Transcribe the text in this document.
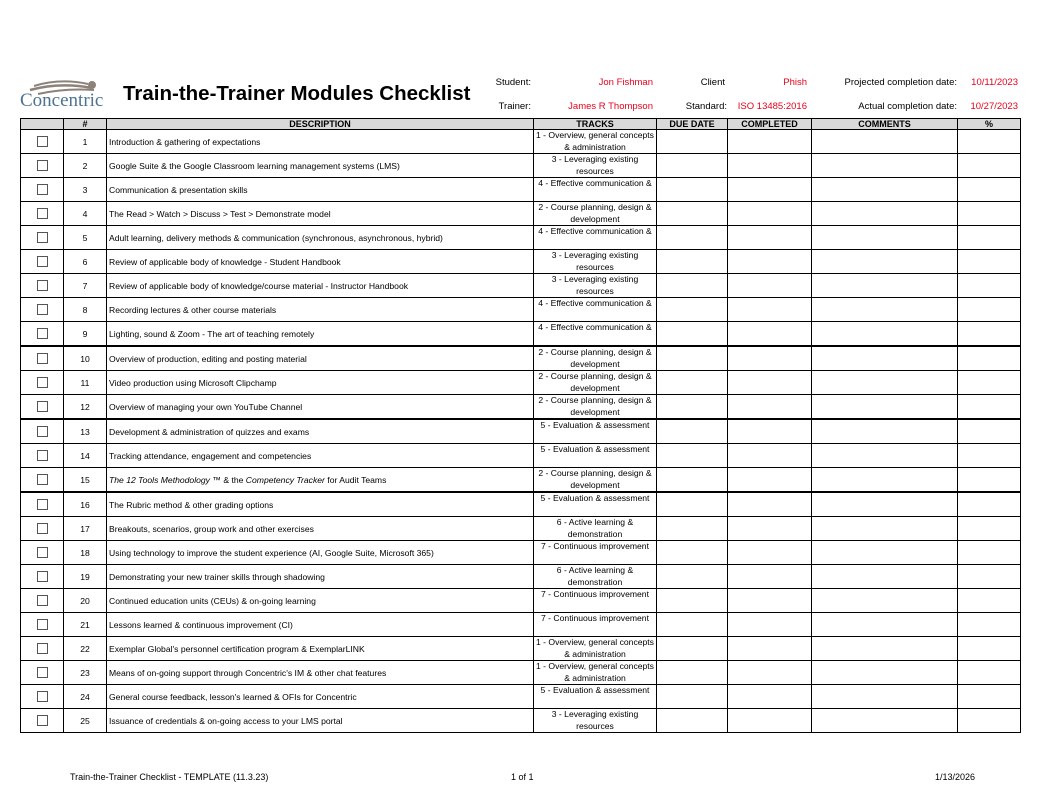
Concentric Train-the-Trainer Modules Checklist	Student:	Jon Fishman	Client	Phish	Projected completion date:	10/11/2023
Trainer:	James R Thompson	Standard:	ISO 13485:2016	Actual completion date:	10/27/2023
	#	DESCRIPTION	TRACKS	DUE DATE	COMPLETED	COMMENTS	%
	1	Introduction & gathering of expectations	1 - Overview, general concepts & administration				

	2	Google Suite & the Google Classroom learning management systems (LMS)	3 - Leveraging existing resources				

	3	Communication & presentation skills	4 - Effective communication &				

	4	The Read > Watch > Discuss > Test > Demonstrate model	2 - Course planning, design & development				

	5	Adult learning, delivery methods & communication (synchronous, asynchronous, hybrid)	4 - Effective communication &				

	6	Review of applicable body of knowledge - Student Handbook	3 - Leveraging existing resources				

	7	Review of applicable body of knowledge/course material - Instructor Handbook	3 - Leveraging existing resources				

	8	Recording lectures & other course materials	4 - Effective communication &				

	9	Lighting, sound & Zoom - The art of teaching remotely	4 - Effective communication &				

	10	Overview of production, editing and posting material	2 - Course planning, design & development				

	11	Video production using Microsoft Clipchamp	2 - Course planning, design & development				

	12	Overview of managing your own YouTube Channel	2 - Course planning, design & development				

	13	Development & administration of quizzes and exams	5 - Evaluation & assessment				

	14	Tracking attendance, engagement and competencies	5 - Evaluation & assessment				

	15	The 12 Tools Methodology ™ & the Competency Tracker for Audit Teams	2 - Course planning, design & development				

	16	The Rubric method & other grading options	5 - Evaluation & assessment				

	17	Breakouts, scenarios, group work and other exercises	6 - Active learning & demonstration				

	18	Using technology to improve the student experience (AI, Google Suite, Microsoft 365)	7 - Continuous improvement				

	19	Demonstrating your new trainer skills through shadowing	6 - Active learning & demonstration				

	20	Continued education units (CEUs) & on-going learning	7 - Continuous improvement				

	21	Lessons learned & continuous improvement (CI)	7 - Continuous improvement				

	22	Exemplar Global's personnel certification program & ExemplarLINK	1 - Overview, general concepts & administration				

	23	Means of on-going support through Concentric's IM & other chat features	1 - Overview, general concepts & administration				

	24	General course feedback, lesson's learned & OFIs for Concentric	5 - Evaluation & assessment				

	25	Issuance of credentials & on-going access to your LMS portal	3 - Leveraging existing resources				

Train-the-Trainer Checklist - TEMPLATE (11.3.23)	1 of 1	1/13/2026
